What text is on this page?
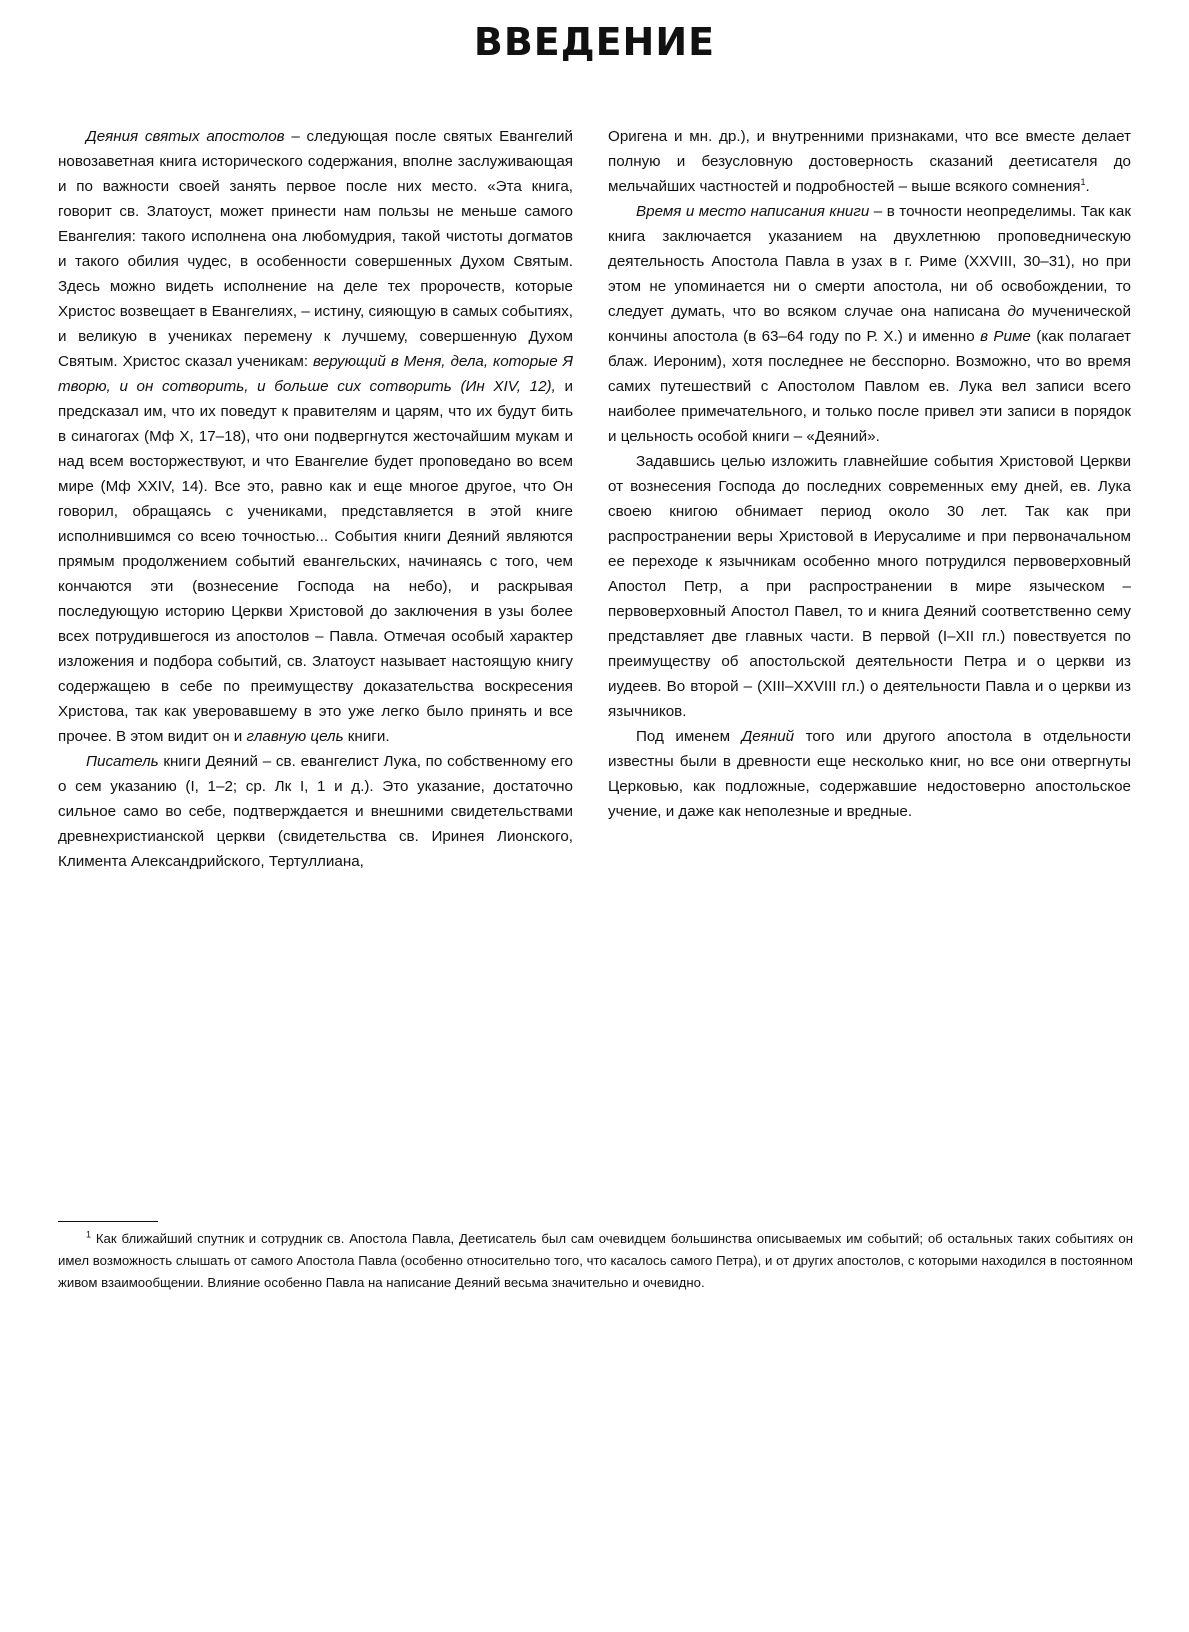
ВВЕДЕНИЕ

Деяния святых апостолов – следующая после святых Евангелий новозаветная книга исторического содержания, вполне заслуживающая и по важности своей занять первое после них место. «Эта книга, говорит св. Златоуст, может принести нам пользы не меньше самого Евангелия: такого исполнена она любомудрия, такой чистоты догматов и такого обилия чудес, в особенности совершенных Духом Святым. Здесь можно видеть исполнение на деле тех пророчеств, которые Христос возвещает в Евангелиях, – истину, сияющую в самых событиях, и великую в учениках перемену к лучшему, совершенную Духом Святым. Христос сказал ученикам: верующий в Меня, дела, которые Я творю, и он сотворить, и больше сих сотворить (Ин XIV, 12), и предсказал им, что их поведут к правителям и царям, что их будут бить в синагогах (Мф X, 17–18), что они подвергнутся жесточайшим мукам и над всем восторжествуют, и что Евангелие будет проповедано во всем мире (Мф XXIV, 14). Все это, равно как и еще многое другое, что Он говорил, обращаясь с учениками, представляется в этой книге исполнившимся со всею точностью... События книги Деяний являются прямым продолжением событий евангельских, начинаясь с того, чем кончаются эти (вознесение Господа на небо), и раскрывая последующую историю Церкви Христовой до заключения в узы более всех потрудившегося из апостолов – Павла. Отмечая особый характер изложения и подбора событий, св. Златоуст называет настоящую книгу содержащею в себе по преимуществу доказательства воскресения Христова, так как уверовавшему в это уже легко было принять и все прочее. В этом видит он и главную цель книги.

Писатель книги Деяний – св. евангелист Лука, по собственному его о сем указанию (I, 1–2; ср. Лк I, 1 и д.). Это указание, достаточно сильное само во себе, подтверждается и внешними свидетельствами древнехристианской церкви (свидетельства св. Иринея Лионского, Климента Александрийского, Тертуллиана,

Оригена и мн. др.), и внутренними признаками, что все вместе делает полную и безусловную достоверность сказаний деетисателя до мельчайших частностей и подробностей – выше всякого сомнения$^1$.

Время и место написания книги – в точности неопределимы. Так как книга заключается указанием на двухлетнюю проповедническую деятельность Апостола Павла в узах в г. Риме (XXVIII, 30–31), но при этом не упоминается ни о смерти апостола, ни об освобождении, то следует думать, что во всяком случае она написана до мученической кончины апостола (в 63–64 году по Р. Х.) и именно в Риме (как полагает блаж. Иероним), хотя последнее не бесспорно. Возможно, что во время самих путешествий с Апостолом Павлом ев. Лука вел записи всего наиболее примечательного, и только после привел эти записи в порядок и цельность особой книги – «Деяний».

Задавшись целью изложить главнейшие события Христовой Церкви от вознесения Господа до последних современных ему дней, ев. Лука своею книгою обнимает период около 30 лет. Так как при распространении веры Христовой в Иерусалиме и при первоначальном ее переходе к язычникам особенно много потрудился первоверховный Апостол Петр, а при распространении в мире языческом – первоверховный Апостол Павел, то и книга Деяний соответственно сему представляет две главных части. В первой (I–XII гл.) повествуется по преимуществу об апостольской деятельности Петра и о церкви из иудеев. Во второй – (XIII–XXVIII гл.) о деятельности Павла и о церкви из язычников.

Под именем Деяний того или другого апостола в отдельности известны были в древности еще несколько книг, но все они отвергнуты Церковью, как подложные, содержавшие недостоверно апостольское учение, и даже как неполезные и вредные.

$^1$ Как ближайший спутник и сотрудник св. Апостола Павла, Деетисатель был сам очевидцем большинства описываемых им событий; об остальных таких событиях он имел возможность слышать от самого Апостола Павла (особенно относительно того, что касалось самого Петра), и от других апостолов, с которыми находился в постоянном живом взаимообщении. Влияние особенно Павла на написание Деяний весьма значительно и очевидно.
